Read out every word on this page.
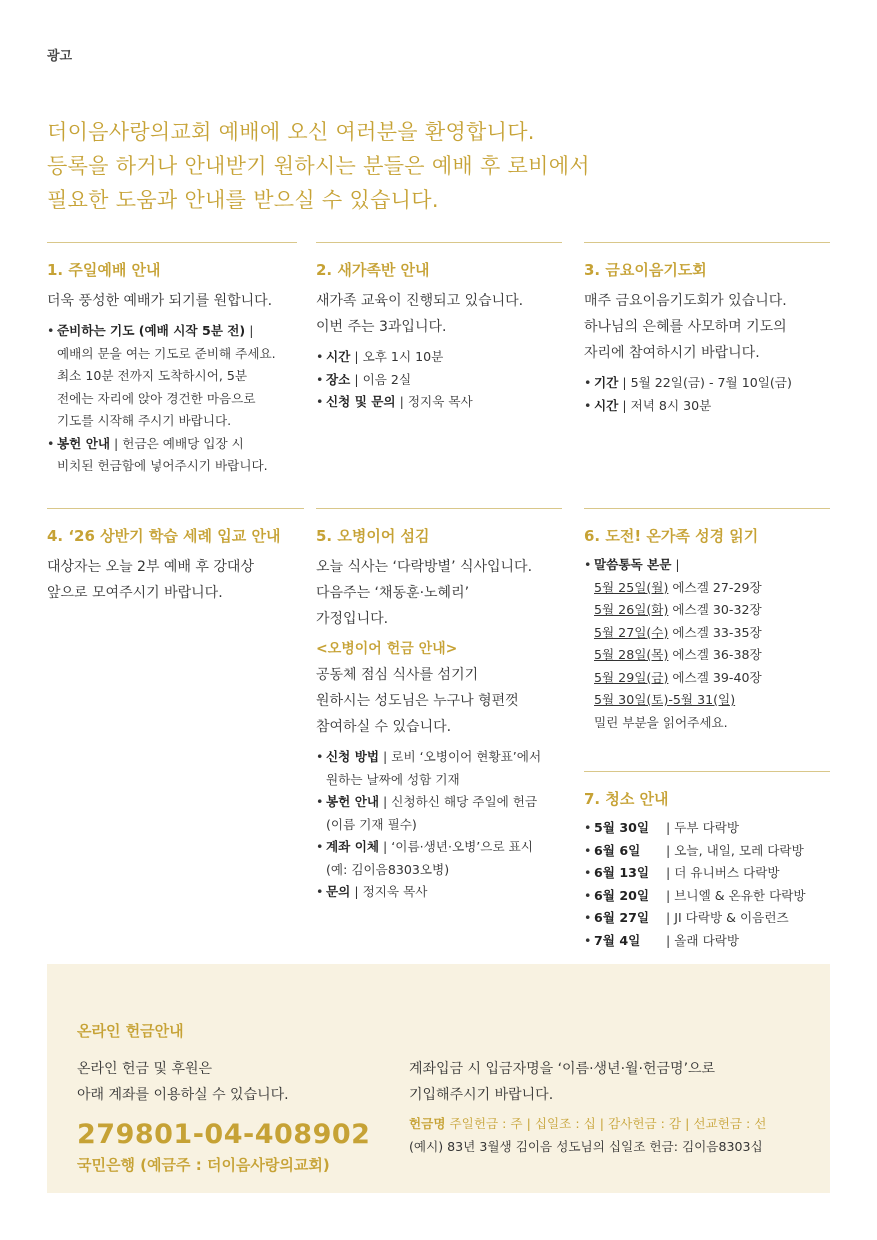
광고
더이음사랑의교회 예배에 오신 여러분을 환영합니다.
등록을 하거나 안내받기 원하시는 분들은 예배 후 로비에서
필요한 도움과 안내를 받으실 수 있습니다.
1. 주일예배 안내
더욱 풍성한 예배가 되기를 원합니다.
• 준비하는 기도 (예배 시작 5분 전) |
예배의 문을 여는 기도로 준비해 주세요.
최소 10분 전까지 도착하시어, 5분
전에는 자리에 앉아 경건한 마음으로
기도를 시작해 주시기 바랍니다.
• 봉헌 안내 | 헌금은 예배당 입장 시
비치된 헌금함에 넣어주시기 바랍니다.
2. 새가족반 안내
새가족 교육이 진행되고 있습니다.
이번 주는 3과입니다.
• 시간 | 오후 1시 10분
• 장소 | 이음 2실
• 신청 및 문의 | 정지욱 목사
3. 금요이음기도회
매주 금요이음기도회가 있습니다.
하나님의 은혜를 사모하며 기도의
자리에 참여하시기 바랍니다.
• 기간 | 5월 22일(금) - 7월 10일(금)
• 시간 | 저녁 8시 30분
4. ‘26 상반기 학습 세례 입교 안내
대상자는 오늘 2부 예배 후 강대상
앞으로 모여주시기 바랍니다.
5. 오병이어 섬김
오늘 식사는 ‘다락방별’ 식사입니다.
다음주는 ‘채동훈·노혜리’
가정입니다.
<오병이어 헌금 안내>
공동체 점심 식사를 섬기기
원하시는 성도님은 누구나 형편껏
참여하실 수 있습니다.
• 신청 방법 | 로비 ‘오병이어 현황표’에서
원하는 날짜에 성함 기재
• 봉헌 안내 | 신청하신 해당 주일에 헌금
(이름 기재 필수)
• 계좌 이체 | ‘이름·생년·오병’으로 표시
(예: 김이음8303오병)
• 문의 | 정지욱 목사
6. 도전! 온가족 성경 읽기
• 말씀통독 본문 |
5월 25일(월) 에스겔 27-29장
5월 26일(화) 에스겔 30-32장
5월 27일(수) 에스겔 33-35장
5월 28일(목) 에스겔 36-38장
5월 29일(금) 에스겔 39-40장
5월 30일(토)-5월 31(일)
밀린 부분을 읽어주세요.
7. 청소 안내
• 5월 30일 | 두부 다락방
• 6월 6일 | 오늘, 내일, 모레 다락방
• 6월 13일 | 더 유니버스 다락방
• 6월 20일 | 브니엘 & 온유한 다락방
• 6월 27일 | JI 다락방 & 이음런즈
• 7월 4일 | 올래 다락방
온라인 헌금안내
온라인 헌금 및 후원은
아래 계좌를 이용하실 수 있습니다.
279801-04-408902
국민은행 (예금주 : 더이음사랑의교회)
계좌입금 시 입금자명을 ‘이름·생년·월·헌금명’으로
기입해주시기 바랍니다.
헌금명 주일헌금 : 주 | 십일조 : 십 | 감사헌금 : 감 | 선교헌금 : 선
(예시) 83년 3월생 김이음 성도님의 십일조 헌금: 김이음8303십
